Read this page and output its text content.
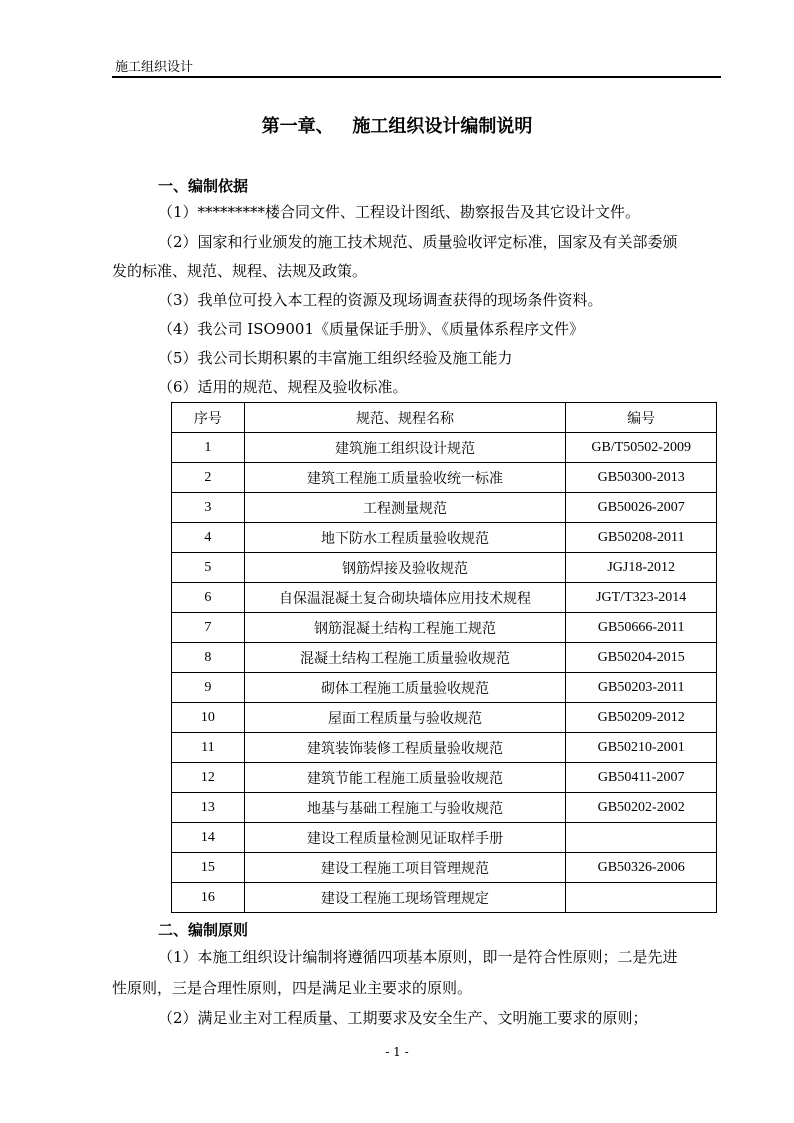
施工组织设计
第一章、   施工组织设计编制说明
一、编制依据
（1）*********楼合同文件、工程设计图纸、勘察报告及其它设计文件。
（2）国家和行业颁发的施工技术规范、质量验收评定标准，国家及有关部委颁
发的标准、规范、规程、法规及政策。
（3）我单位可投入本工程的资源及现场调查获得的现场条件资料。
（4）我公司 ISO9001《质量保证手册》、《质量体系程序文件》
（5）我公司长期积累的丰富施工组织经验及施工能力
（6）适用的规范、规程及验收标准。
序号	规范、规程名称	编号
1	建筑施工组织设计规范	GB/T50502-2009
2	建筑工程施工质量验收统一标准	GB50300-2013
3	工程测量规范	GB50026-2007
4	地下防水工程质量验收规范	GB50208-2011
5	钢筋焊接及验收规范	JGJ18-2012
6	自保温混凝土复合砌块墙体应用技术规程	JGT/T323-2014
7	钢筋混凝土结构工程施工规范	GB50666-2011
8	混凝土结构工程施工质量验收规范	GB50204-2015
9	砌体工程施工质量验收规范	GB50203-2011
10	屋面工程质量与验收规范	GB50209-2012
11	建筑装饰装修工程质量验收规范	GB50210-2001
12	建筑节能工程施工质量验收规范	GB50411-2007
13	地基与基础工程施工与验收规范	GB50202-2002
14	建设工程质量检测见证取样手册	
15	建设工程施工项目管理规范	GB50326-2006
16	建设工程施工现场管理规定	
二、编制原则
（1）本施工组织设计编制将遵循四项基本原则，即一是符合性原则；二是先进
性原则，三是合理性原则，四是满足业主要求的原则。
（2）满足业主对工程质量、工期要求及安全生产、文明施工要求的原则；
- 1 -
